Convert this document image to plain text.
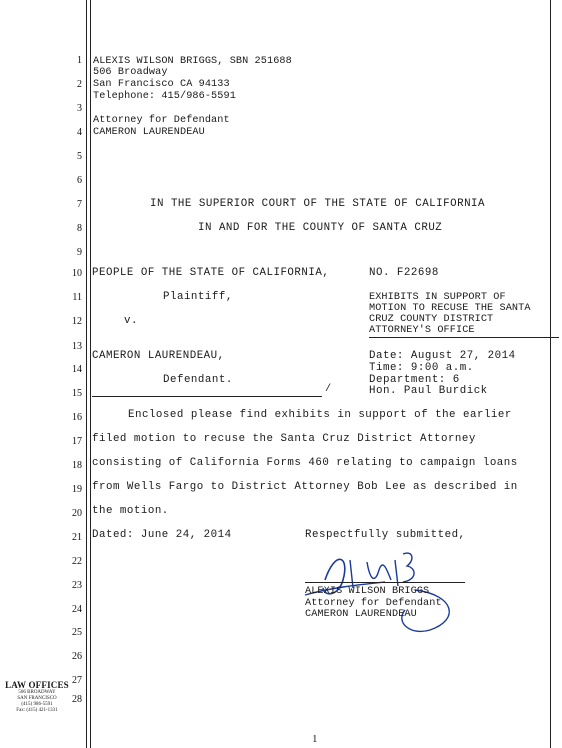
1
2
3
4
5
6
7
8
9
10
11
12
13
14
15
16
17
18
19
20
21
22
23
24
25
26
27
28
ALEXIS WILSON BRIGGS, SBN 251688
506 Broadway
San Francisco CA 94133
Telephone: 415/986-5591
Attorney for Defendant
CAMERON LAURENDEAU
IN THE SUPERIOR COURT OF THE STATE OF CALIFORNIA
IN AND FOR THE COUNTY OF SANTA CRUZ
PEOPLE OF THE STATE OF CALIFORNIA,
Plaintiff,
v.
CAMERON LAURENDEAU,
Defendant.
/
NO. F22698
EXHIBITS IN SUPPORT OF
MOTION TO RECUSE THE SANTA
CRUZ COUNTY DISTRICT
ATTORNEY'S OFFICE
Date: August 27, 2014
Time: 9:00 a.m.
Department: 6
Hon. Paul Burdick
Enclosed please find exhibits in support of the earlier
filed motion to recuse the Santa Cruz District Attorney
consisting of California Forms 460 relating to campaign loans
from Wells Fargo to District Attorney Bob Lee as described in
the motion.
Dated: June 24, 2014	Respectfully submitted,
ALEXIS WILSON BRIGGS
Attorney for Defendant
CAMERON LAURENDEAU
LAW OFFICES
506 BROADWAY
SAN FRANCISCO
(415) 986-5591
Fax: (415) 421-1331
1
